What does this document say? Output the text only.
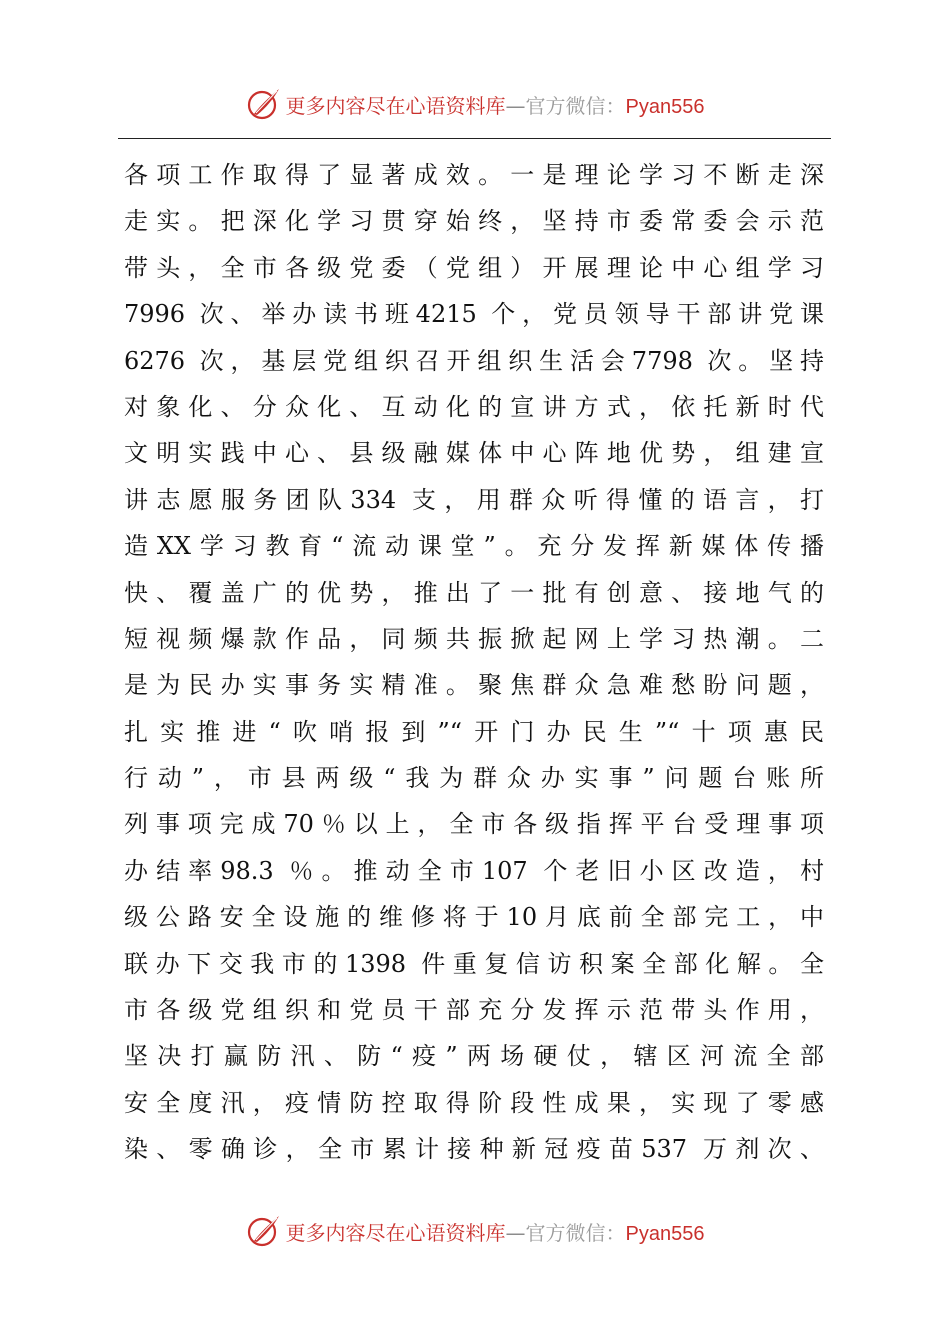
更多内容尽在心语资料库—官方微信：Pyan556
各项工作取得了显著成效。一是理论学习不断走深
走实。把深化学习贯穿始终，坚持市委常委会示范
带头，全市各级党委（党组）开展理论中心组学习
7996 次、举办读书班4215 个，党员领导干部讲党课
6276 次，基层党组织召开组织生活会7798 次。坚持
对象化、分众化、互动化的宣讲方式，依托新时代
文明实践中心、县级融媒体中心阵地优势，组建宣
讲志愿服务团队334 支，用群众听得懂的语言，打
造XX学习教育“流动课堂”。充分发挥新媒体传播
快、覆盖广的优势，推出了一批有创意、接地气的
短视频爆款作品，同频共振掀起网上学习热潮。二
是为民办实事务实精准。聚焦群众急难愁盼问题，
扎实推进“吹哨报到”“开门办民生”“十项惠民
行动”，市县两级“我为群众办实事”问题台账所
列事项完成70％以上，全市各级指挥平台受理事项
办结率98.3 ％。推动全市107 个老旧小区改造，村
级公路安全设施的维修将于10月底前全部完工，中
联办下交我市的1398 件重复信访积案全部化解。全
市各级党组织和党员干部充分发挥示范带头作用，
坚决打赢防汛、防“疫”两场硬仗，辖区河流全部
安全度汛，疫情防控取得阶段性成果，实现了零感
染、零确诊，全市累计接种新冠疫苗537 万剂次、
更多内容尽在心语资料库—官方微信：Pyan556
